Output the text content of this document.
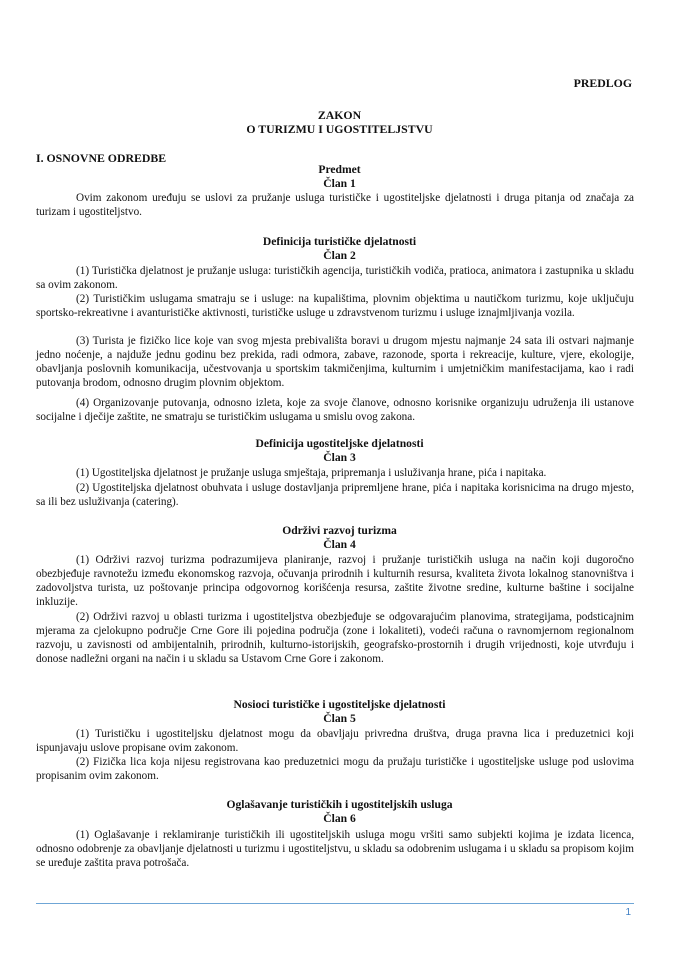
PREDLOG
ZAKON
O TURIZMU I UGOSTITELJSTVU
I. OSNOVNE ODREDBE
Predmet
Član 1

Ovim zakonom uređuju se uslovi za pružanje usluga turističke i ugostiteljske djelatnosti i druga pitanja od značaja za turizam i ugostiteljstvo.

Definicija turističke djelatnosti
Član 2

(1) Turistička djelatnost je pružanje usluga: turističkih agencija, turističkih vodiča, pratioca, animatora i zastupnika u skladu sa ovim zakonom.

(2) Turističkim uslugama smatraju se i usluge: na kupalištima, plovnim objektima u nautičkom turizmu, koje uključuju sportsko-rekreativne i avanturističke aktivnosti, turističke usluge u zdravstvenom turizmu i usluge iznajmljivanja vozila.

(3) Turista je fizičko lice koje van svog mjesta prebivališta boravi u drugom mjestu najmanje 24 sata ili ostvari najmanje jedno noćenje, a najduže jednu godinu bez prekida, radi odmora, zabave, razonode, sporta i rekreacije, kulture, vjere, ekologije, obavljanja poslovnih komunikacija, učestvovanja u sportskim takmičenjima, kulturnim i umjetničkim manifestacijama, kao i radi putovanja brodom, odnosno drugim plovnim objektom.

(4) Organizovanje putovanja, odnosno izleta, koje za svoje članove, odnosno korisnike organizuju udruženja ili ustanove socijalne i dječije zaštite, ne smatraju se turističkim uslugama u smislu ovog zakona.

Definicija ugostiteljske djelatnosti
Član 3

(1) Ugostiteljska djelatnost je pružanje usluga smještaja, pripremanja i usluživanja hrane, pića i napitaka.

(2) Ugostiteljska djelatnost obuhvata i usluge dostavljanja pripremljene hrane, pića i napitaka korisnicima na drugo mjesto, sa ili bez usluživanja (catering).

Održivi razvoj turizma
Član 4

(1) Održivi razvoj turizma podrazumijeva planiranje, razvoj i pružanje turističkih usluga na način koji dugoročno obezbjeđuje ravnotežu između ekonomskog razvoja, očuvanja prirodnih i kulturnih resursa, kvaliteta života lokalnog stanovništva i zadovoljstva turista, uz poštovanje principa odgovornog korišćenja resursa, zaštite životne sredine, kulturne baštine i socijalne inkluzije.

(2) Održivi razvoj u oblasti turizma i ugostiteljstva obezbjeđuje se odgovarajućim planovima, strategijama, podsticajnim mjerama za cjelokupno područje Crne Gore ili pojedina područja (zone i lokaliteti), vodeći računa o ravnomjernom regionalnom razvoju, u zavisnosti od ambijentalnih, prirodnih, kulturno-istorijskih, geografsko-prostornih i drugih vrijednosti, koje utvrđuju i donose nadležni organi na način i u skladu sa Ustavom Crne Gore i zakonom.

Nosioci turističke i ugostiteljske djelatnosti
Član 5

(1) Turističku i ugostiteljsku djelatnost mogu da obavljaju privredna društva, druga pravna lica i preduzetnici koji ispunjavaju uslove propisane ovim zakonom.

(2) Fizička lica koja nijesu registrovana kao preduzetnici mogu da pružaju turističke i ugostiteljske usluge pod uslovima propisanim ovim zakonom.

Oglašavanje turističkih i ugostiteljskih usluga
Član 6

(1) Oglašavanje i reklamiranje turističkih ili ugostiteljskih usluga mogu vršiti samo subjekti kojima je izdata licenca, odnosno odobrenje za obavljanje djelatnosti u turizmu i ugostiteljstvu, u skladu sa odobrenim uslugama i u skladu sa propisom kojim se uređuje zaštita prava potrošača.

1
